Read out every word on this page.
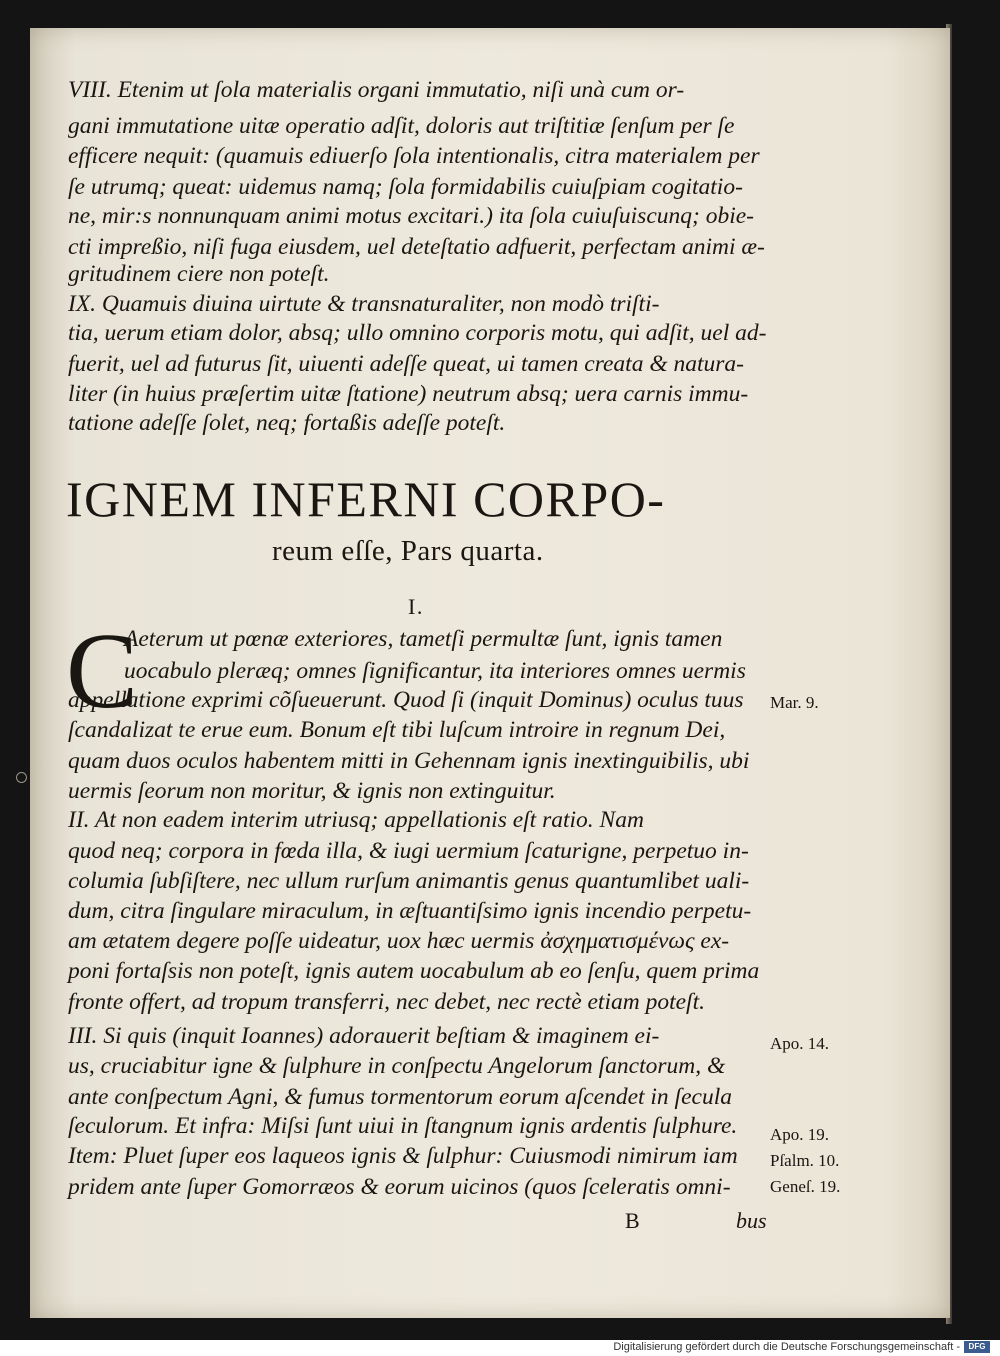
VIII. Etenim ut ſola materialis organi immutatio, niſi unà cum or-
gani immutatione uitæ operatio adſit, doloris aut triſtitiæ ſenſum per ſe
efficere nequit: (quamuis ediuerſo ſola intentionalis, citra materialem per
ſe utrumq; queat: uidemus namq; ſola formidabilis cuiuſpiam cogitatio-
ne, mir:s nonnunquam animi motus excitari.) ita ſola cuiuſuiscunq; obie-
cti impreßio, niſi fuga eiusdem, uel deteſtatio adfuerit, perfectam animi æ-
gritudinem ciere non poteſt.
IX. Quamuis diuina uirtute & transnaturaliter, non modò triſti-
tia, uerum etiam dolor, absq; ullo omnino corporis motu, qui adſit, uel ad-
fuerit, uel ad futurus ſit, uiuenti adeſſe queat, ui tamen creata & natura-
liter (in huius præſertim uitæ ſtatione) neutrum absq; uera carnis immu-
tatione adeſſe ſolet, neq; fortaßis adeſſe poteſt.
IGNEM INFERNI CORPO-
reum eſſe, Pars quarta.
I.
C
Aeterum ut pœnæ exteriores, tametſi permultæ ſunt, ignis tamen
uocabulo pleræq; omnes ſignificantur, ita interiores omnes uermis
appellatione exprimi cõſueuerunt. Quod ſi (inquit Dominus) oculus tuus
ſcandalizat te erue eum. Bonum eſt tibi luſcum introire in regnum Dei,
quam duos oculos habentem mitti in Gehennam ignis inextinguibilis, ubi
uermis ſeorum non moritur, & ignis non extinguitur.
II. At non eadem interim utriusq; appellationis eſt ratio. Nam
quod neq; corpora in fœda illa, & iugi uermium ſcaturigne, perpetuo in-
columia ſubſiſtere, nec ullum rurſum animantis genus quantumlibet uali-
dum, citra ſingulare miraculum, in æſtuantiſsimo ignis incendio perpetu-
am ætatem degere poſſe uideatur, uox hæc uermis ἀσχηματισμένως ex-
poni fortaſsis non poteſt, ignis autem uocabulum ab eo ſenſu, quem prima
fronte offert, ad tropum transferri, nec debet, nec rectè etiam poteſt.
III. Si quis (inquit Ioannes) adorauerit beſtiam & imaginem ei-
us, cruciabitur igne & ſulphure in conſpectu Angelorum ſanctorum, &
ante conſpectum Agni, & fumus tormentorum eorum aſcendet in ſecula
ſeculorum. Et infra: Miſsi ſunt uiui in ſtangnum ignis ardentis ſulphure.
Item: Pluet ſuper eos laqueos ignis & ſulphur: Cuiusmodi nimirum iam
pridem ante ſuper Gomorræos & eorum uicinos (quos ſceleratis omni-
B	bus
Mar. 9.
Apo. 14.
Apo. 19.
Pſalm. 10.
Geneſ. 19.
Digitalisierung gefördert durch die Deutsche Forschungsgemeinschaft -	DFG
